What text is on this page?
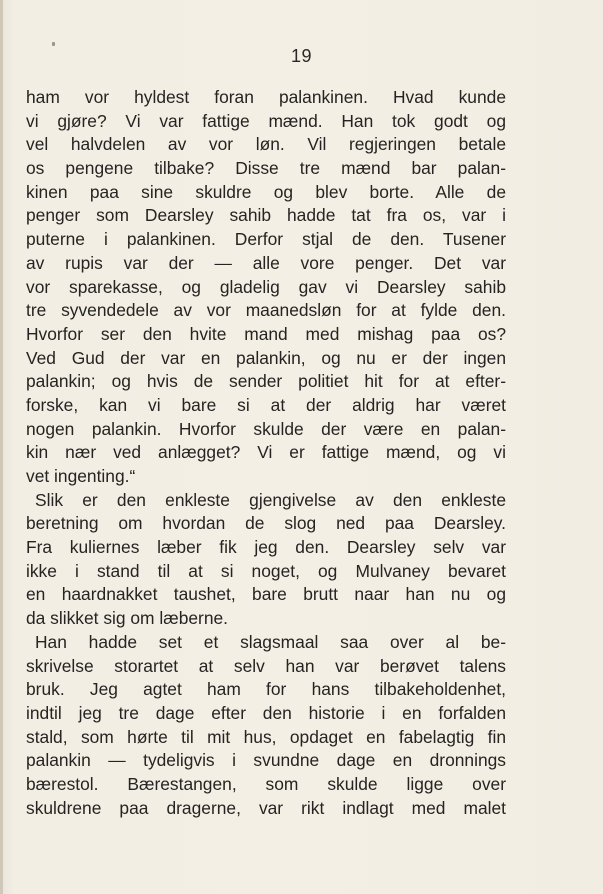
19
ham vor hyldest foran palankinen. Hvad kunde
vi gjøre? Vi var fattige mænd. Han tok godt og
vel halvdelen av vor løn. Vil regjeringen betale
os pengene tilbake? Disse tre mænd bar palan-
kinen paa sine skuldre og blev borte. Alle de
penger som Dearsley sahib hadde tat fra os, var i
puterne i palankinen. Derfor stjal de den. Tusener
av rupis var der — alle vore penger. Det var
vor sparekasse, og gladelig gav vi Dearsley sahib
tre syvendedele av vor maanedsløn for at fylde den.
Hvorfor ser den hvite mand med mishag paa os?
Ved Gud der var en palankin, og nu er der ingen
palankin; og hvis de sender politiet hit for at efter-
forske, kan vi bare si at der aldrig har været
nogen palankin. Hvorfor skulde der være en palan-
kin nær ved anlægget? Vi er fattige mænd, og vi
vet ingenting.“
Slik er den enkleste gjengivelse av den enkleste
beretning om hvordan de slog ned paa Dearsley.
Fra kuliernes læber fik jeg den. Dearsley selv var
ikke i stand til at si noget, og Mulvaney bevaret
en haardnakket taushet, bare brutt naar han nu og
da slikket sig om læberne.
Han hadde set et slagsmaal saa over al be-
skrivelse storartet at selv han var berøvet talens
bruk. Jeg agtet ham for hans tilbakeholdenhet,
indtil jeg tre dage efter den historie i en forfalden
stald, som hørte til mit hus, opdaget en fabelagtig fin
palankin — tydeligvis i svundne dage en dronnings
bærestol. Bærestangen, som skulde ligge over
skuldrene paa dragerne, var rikt indlagt med malet
